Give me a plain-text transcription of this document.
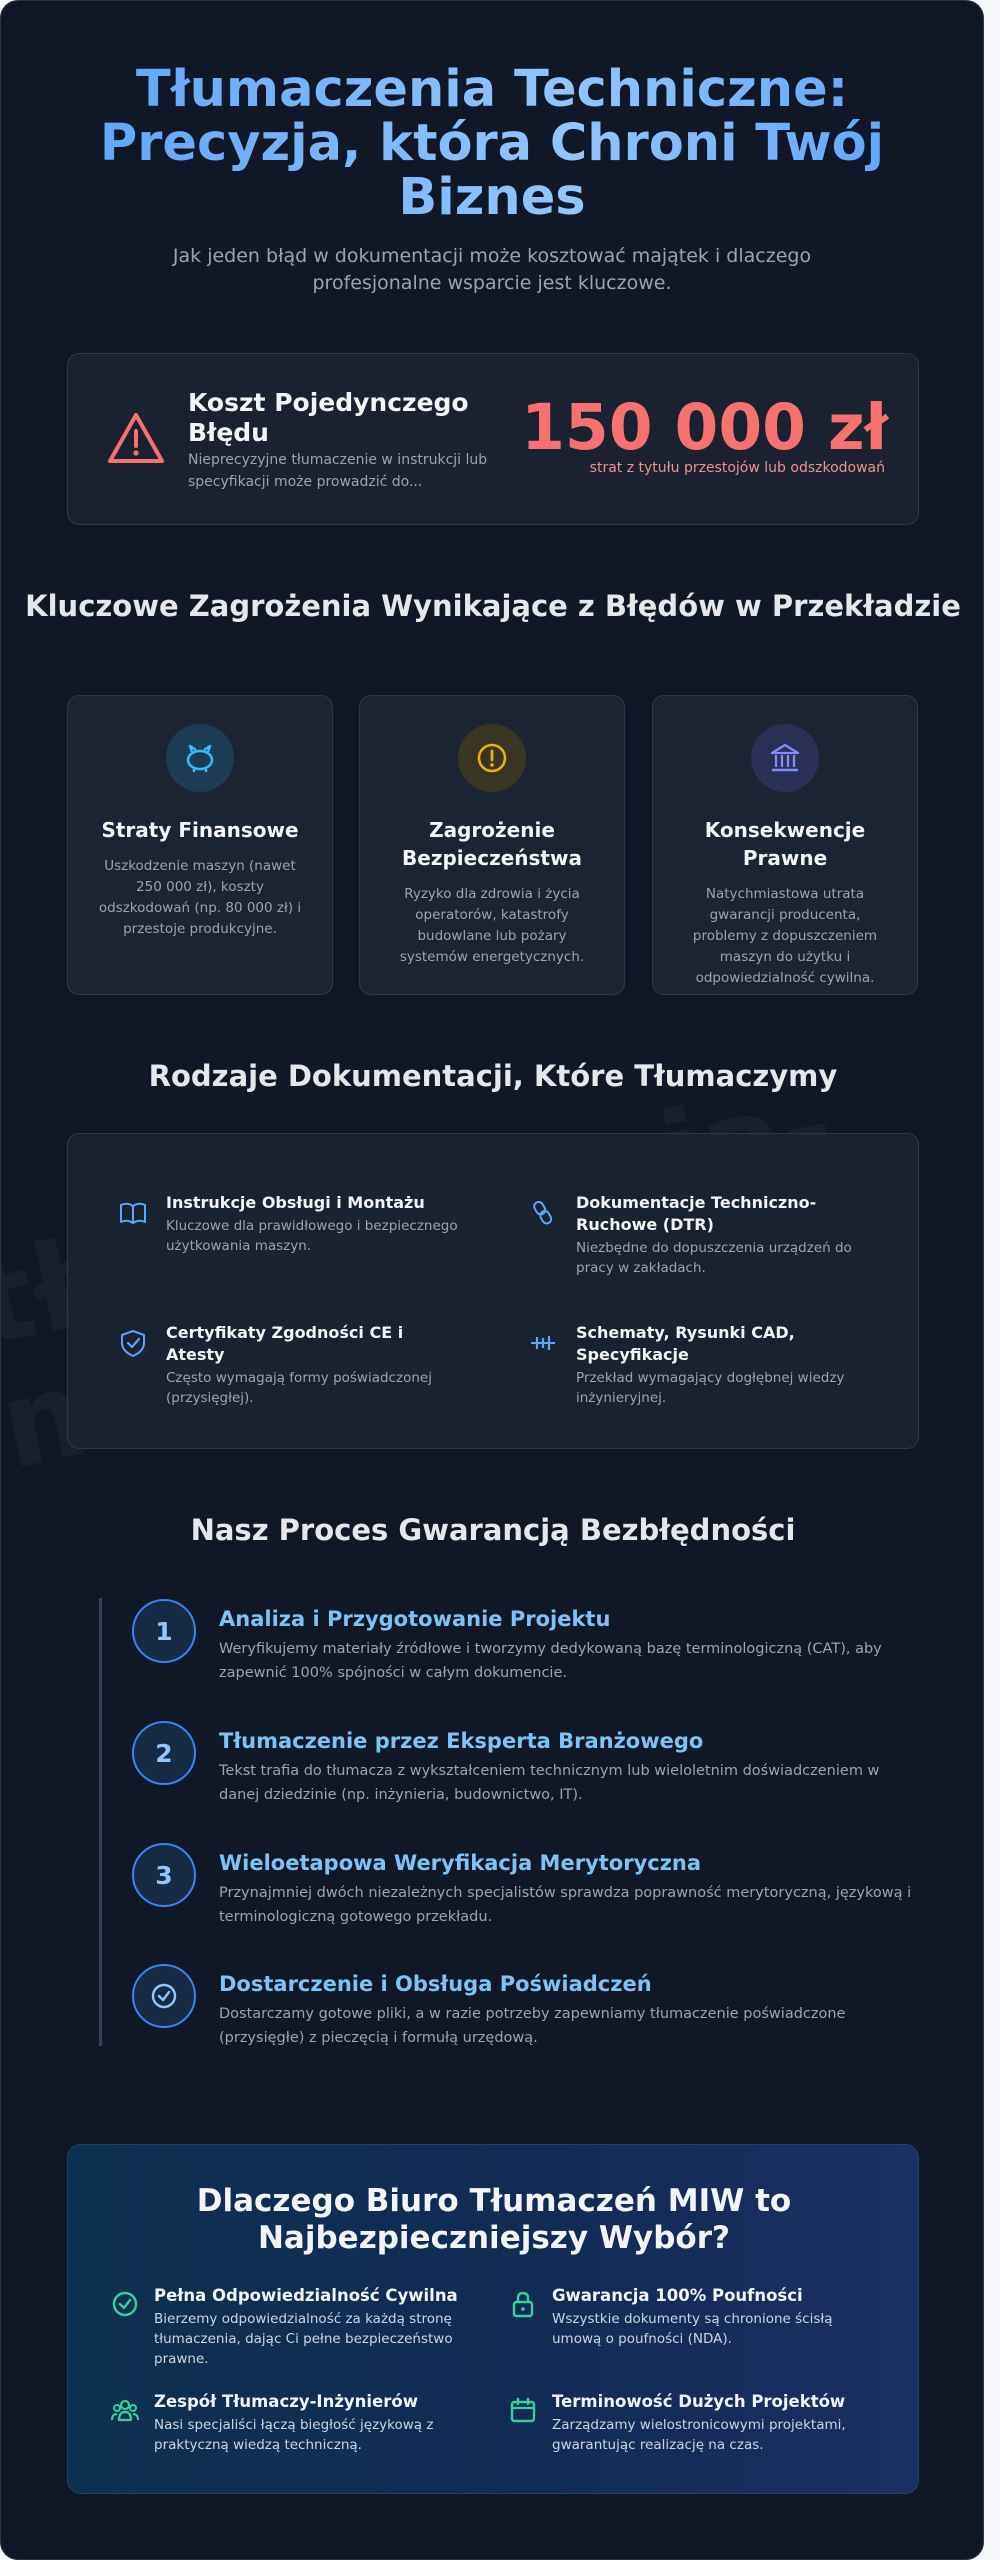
Tłumaczenia Techniczne: Precyzja, która Chroni Twój Biznes

Jak jeden błąd w dokumentacji może kosztować majątek i dlaczego profesjonalne wsparcie jest kluczowe.

Koszt Pojedynczego Błędu
Nieprecyzyjne tłumaczenie w instrukcji lub specyfikacji może prowadzić do...
150 000 zł
strat z tytułu przestojów lub odszkodowań
Kluczowe Zagrożenia Wynikające z Błędów w Przekładzie
Straty Finansowe

Uszkodzenie maszyn (nawet 250 000 zł), koszty odszkodowań (np. 80 000 zł) i przestoje produkcyjne.

Zagrożenie Bezpieczeństwa

Ryzyko dla zdrowia i życia operatorów, katastrofy budowlane lub pożary systemów energetycznych.

Konsekwencje Prawne

Natychmiastowa utrata gwarancji producenta, problemy z dopuszczeniem maszyn do użytku i odpowiedzialność cywilna.

Rodzaje Dokumentacji, Które Tłumaczymy
Instrukcje Obsługi i Montażu

Kluczowe dla prawidłowego i bezpiecznego użytkowania maszyn.

Dokumentacje Techniczno-Ruchowe (DTR)

Niezbędne do dopuszczenia urządzeń do pracy w zakładach.

Certyfikaty Zgodności CE i Atesty

Często wymagają formy poświadczonej (przysięgłej).

Schematy, Rysunki CAD, Specyfikacje

Przekład wymagający dogłębnej wiedzy inżynieryjnej.

Nasz Proces Gwarancją Bezbłędności
1	Analiza i Przygotowanie Projektu

Weryfikujemy materiały źródłowe i tworzymy dedykowaną bazę terminologiczną (CAT), aby zapewnić 100% spójności w całym dokumencie.

2	Tłumaczenie przez Eksperta Branżowego

Tekst trafia do tłumacza z wykształceniem technicznym lub wieloletnim doświadczeniem w danej dziedzinie (np. inżynieria, budownictwo, IT).

3	Wieloetapowa Weryfikacja Merytoryczna

Przynajmniej dwóch niezależnych specjalistów sprawdza poprawność merytoryczną, językową i terminologiczną gotowego przekładu.

Dostarczenie i Obsługa Poświadczeń

Dostarczamy gotowe pliki, a w razie potrzeby zapewniamy tłumaczenie poświadczone (przysięgłe) z pieczęcią i formułą urzędową.

Dlaczego Biuro Tłumaczeń MIW to Najbezpieczniejszy Wybór?
Pełna Odpowiedzialność Cywilna

Bierzemy odpowiedzialność za każdą stronę tłumaczenia, dając Ci pełne bezpieczeństwo prawne.

Gwarancja 100% Poufności

Wszystkie dokumenty są chronione ścisłą umową o poufności (NDA).

Zespół Tłumaczy-Inżynierów

Nasi specjaliści łączą biegłość językową z praktyczną wiedzą techniczną.

Terminowość Dużych Projektów

Zarządzamy wielostronicowymi projektami, gwarantując realizację na czas.
